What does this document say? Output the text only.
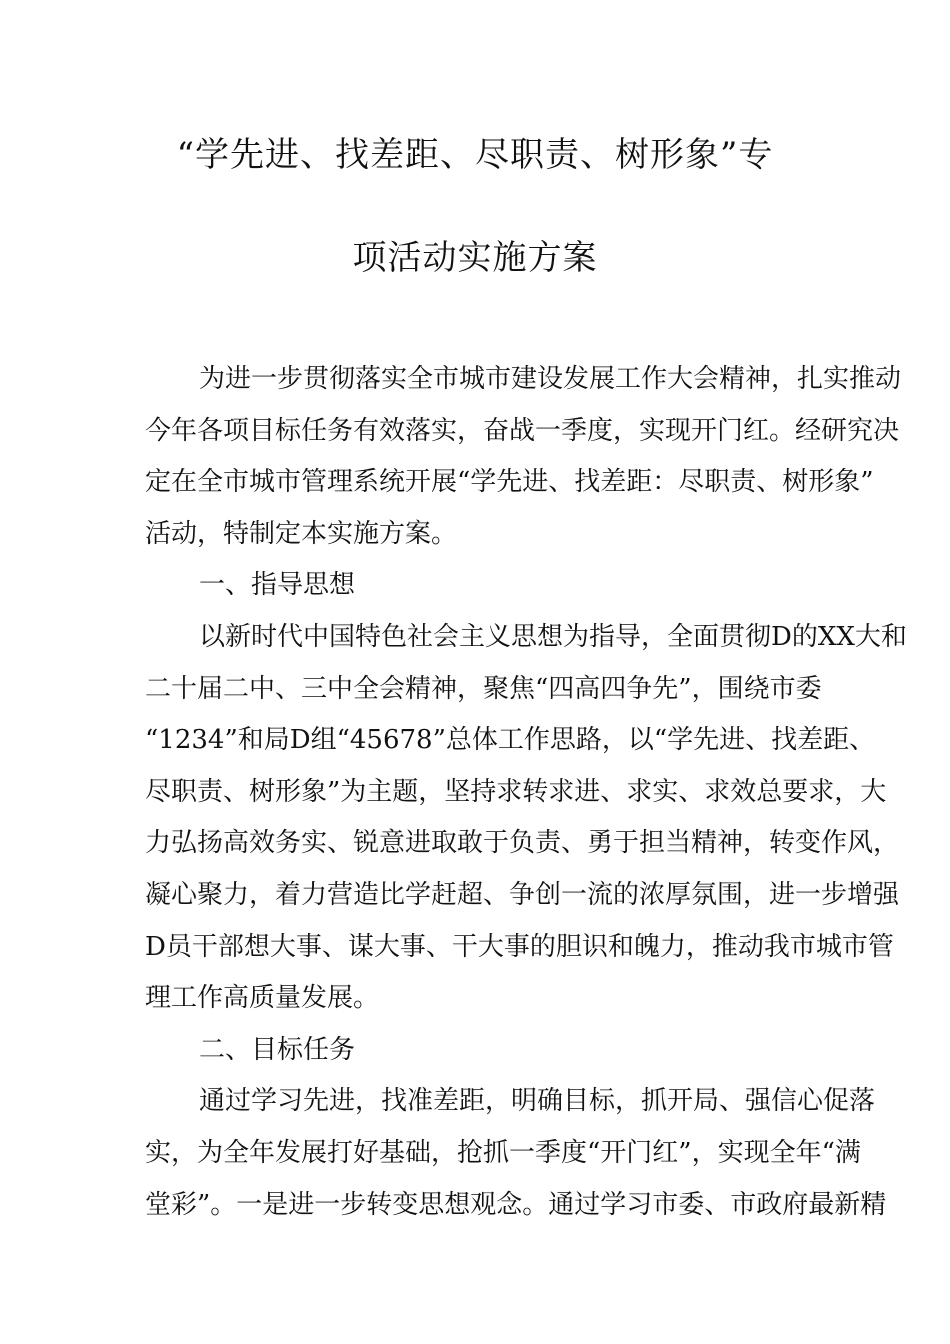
“学先进、找差距、尽职责、树形象”专
项活动实施方案
为进一步贯彻落实全市城市建设发展工作大会精神，扎实推动
今年各项目标任务有效落实，奋战一季度，实现开门红。经研究决
定在全市城市管理系统开展“学先进、找差距：尽职责、树形象”
活动，特制定本实施方案。
一、指导思想
以新时代中国特色社会主义思想为指导，全面贯彻D的XX大和
二十届二中、三中全会精神，聚焦“四高四争先”，围绕市委
“1234”和局D组“45678”总体工作思路，以“学先进、找差距、
尽职责、树形象”为主题，坚持求转求进、求实、求效总要求，大
力弘扬高效务实、锐意进取敢于负责、勇于担当精神，转变作风，
凝心聚力，着力营造比学赶超、争创一流的浓厚氛围，进一步增强
D员干部想大事、谋大事、干大事的胆识和魄力，推动我市城市管
理工作高质量发展。
二、目标任务
通过学习先进，找准差距，明确目标，抓开局、强信心促落
实，为全年发展打好基础，抢抓一季度“开门红”，实现全年“满
堂彩”。一是进一步转变思想观念。通过学习市委、市政府最新精
